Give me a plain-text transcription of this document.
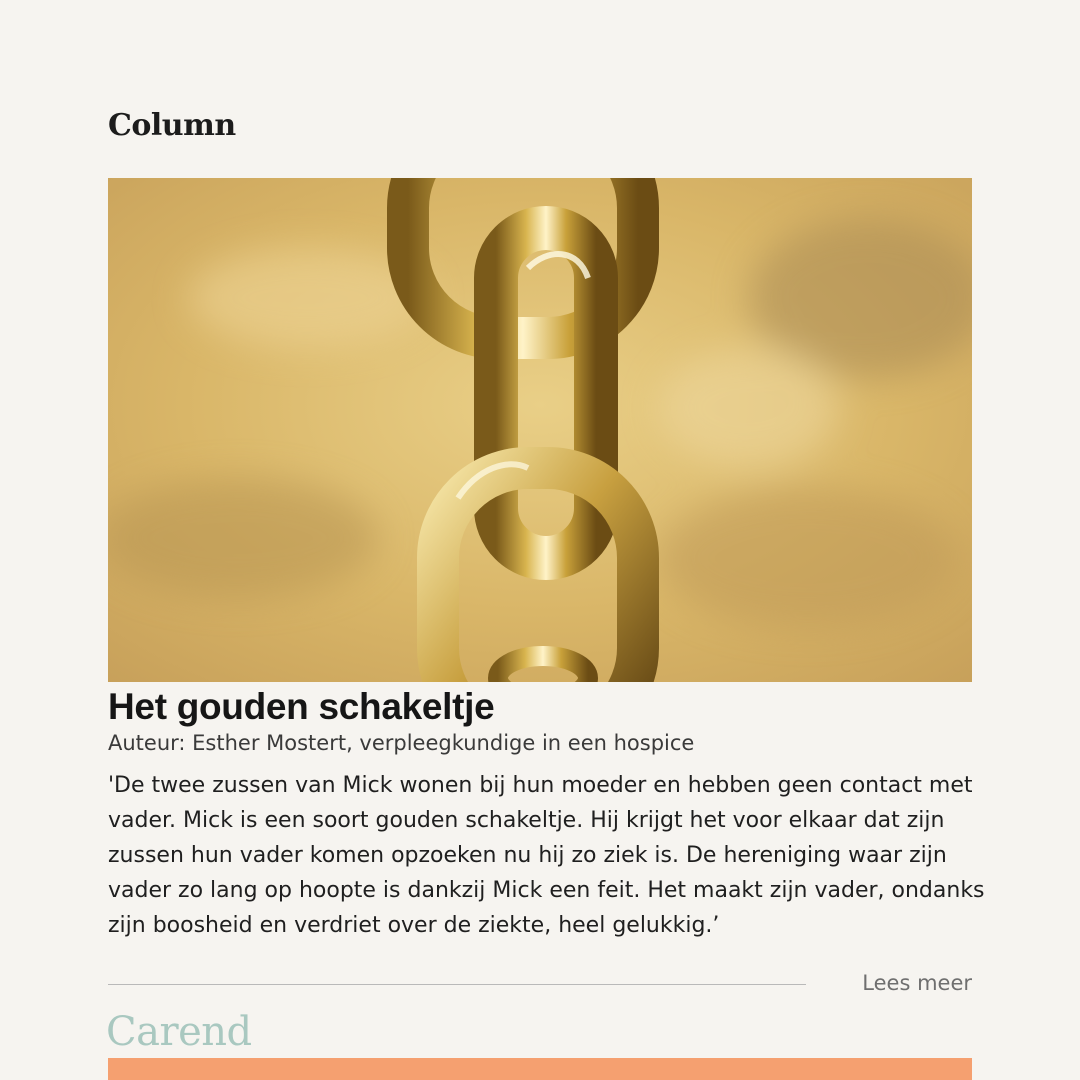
Column
Het gouden schakeltje
Auteur: Esther Mostert, verpleegkundige in een hospice

'De twee zussen van Mick wonen bij hun moeder en hebben geen contact met vader. Mick is een soort gouden schakeltje. Hij krijgt het voor elkaar dat zijn zussen hun vader komen opzoeken nu hij zo ziek is. De hereniging waar zijn vader zo lang op hoopte is dankzij Mick een feit. Het maakt zijn vader, ondanks zijn boosheid en verdriet over de ziekte, heel gelukkig.’

Lees meer
Carend
